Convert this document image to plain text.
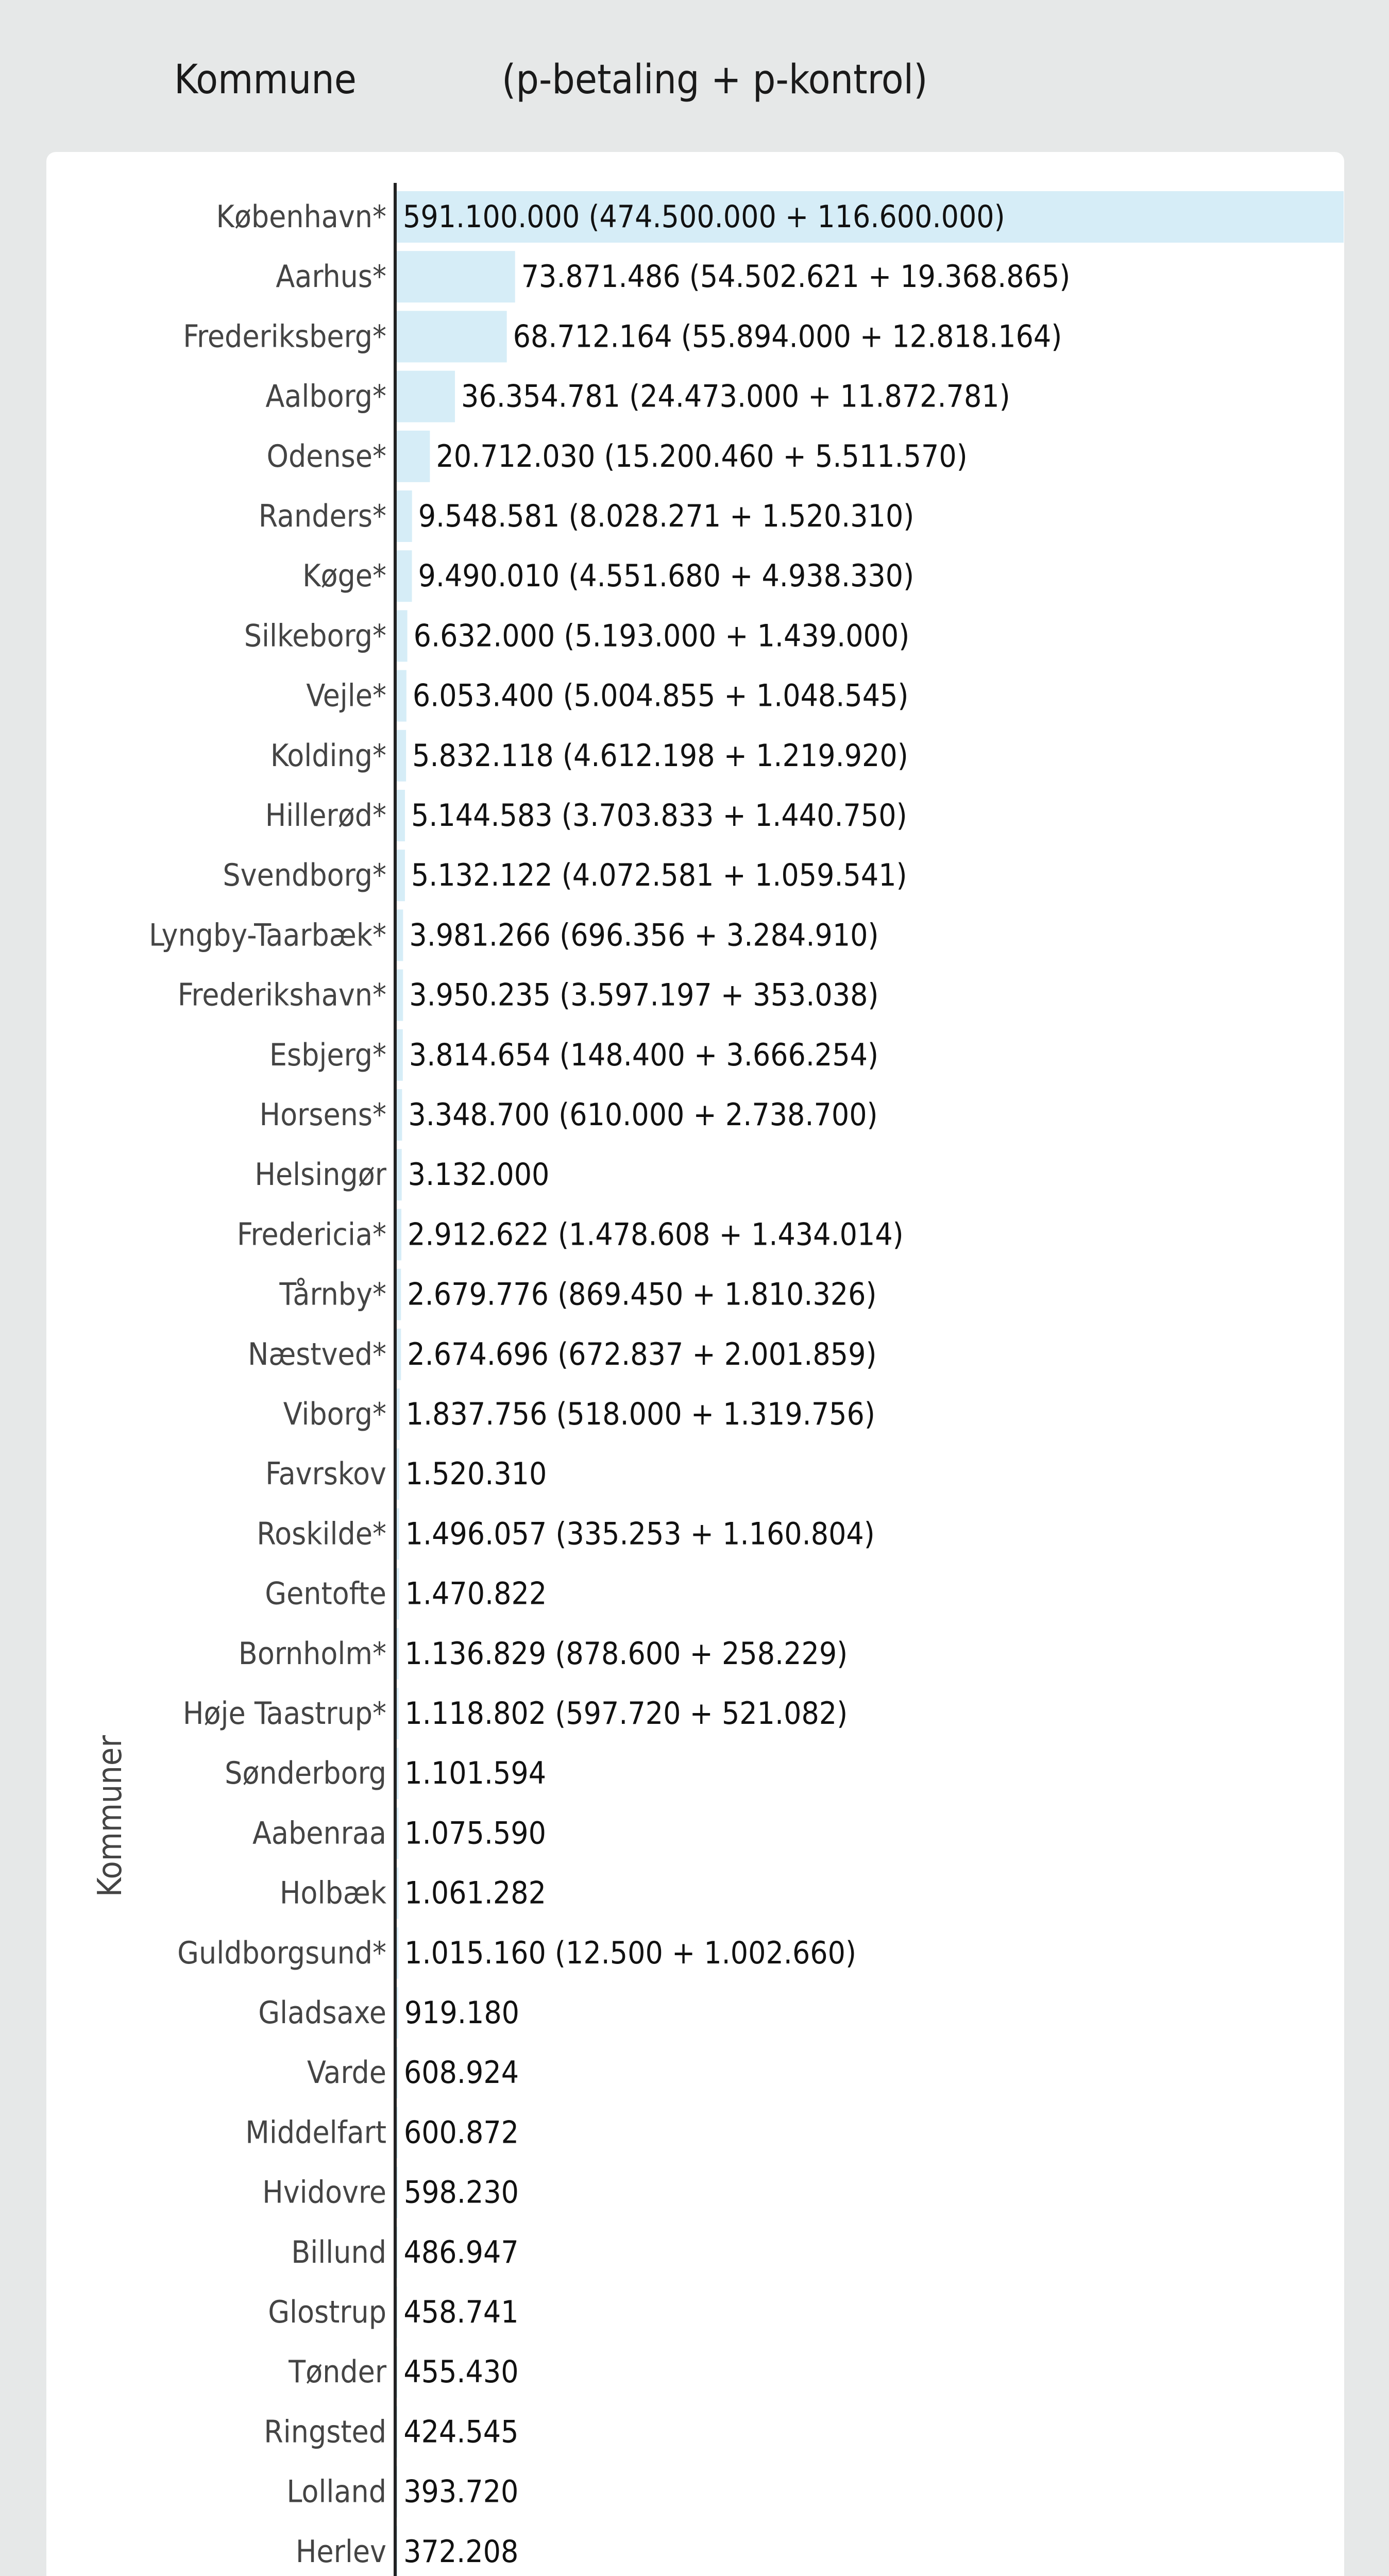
Kommune	(p-betaling + p-kontrol)
København* 591.100.000 (474.500.000 + 116.600.000)
Aarhus*	73.871.486 (54.502.621 + 19.368.865)
Frederiksberg*	68.712.164 (55.894.000 + 12.818.164)
Aalborg* 36.354.781 (24.473.000 + 11.872.781)
Odense* 20.712.030 (15.200.460 + 5.511.570)
Randers* 9.548.581 (8.028.271 + 1.520.310)
Køge* 9.490.010 (4.551.680 + 4.938.330)
Silkeborg* 6.632.000 (5.193.000 + 1.439.000)
Vejle* 6.053.400 (5.004.855 + 1.048.545)
Kolding* 5.832.118 (4.612.198 + 1.219.920)
Hillerød* 5.144.583 (3.703.833 + 1.440.750)
Svendborg* 5.132.122 (4.072.581 + 1.059.541)
Lyngby-Taarbæk* 3.981.266 (696.356 + 3.284.910)
Frederikshavn* 3.950.235 (3.597.197 + 353.038)
Esbjerg* 3.814.654 (148.400 + 3.666.254)
Horsens* 3.348.700 (610.000 + 2.738.700)
Helsingør 3.132.000
Fredericia* 2.912.622 (1.478.608 + 1.434.014)
Tårnby* 2.679.776 (869.450 + 1.810.326)
Næstved* 2.674.696 (672.837 + 2.001.859)
Viborg* 1.837.756 (518.000 + 1.319.756)
Favrskov 1.520.310
Roskilde* 1.496.057 (335.253 + 1.160.804)
Gentofte 1.470.822
Bornholm* 1.136.829 (878.600 + 258.229)
Høje Taastrup* 1.118.802 (597.720 + 521.082)
Sønderborg 1.101.594
Aabenraa 1.075.590
Holbæk 1.061.282
Guldborgsund* 1.015.160 (12.500 + 1.002.660)
Gladsaxe 919.180
Varde 608.924
Middelfart 600.872
Hvidovre 598.230
Billund 486.947
Glostrup 458.741
Tønder 455.430
Ringsted 424.545
Lolland 393.720
Herlev 372.208
Kommuner
